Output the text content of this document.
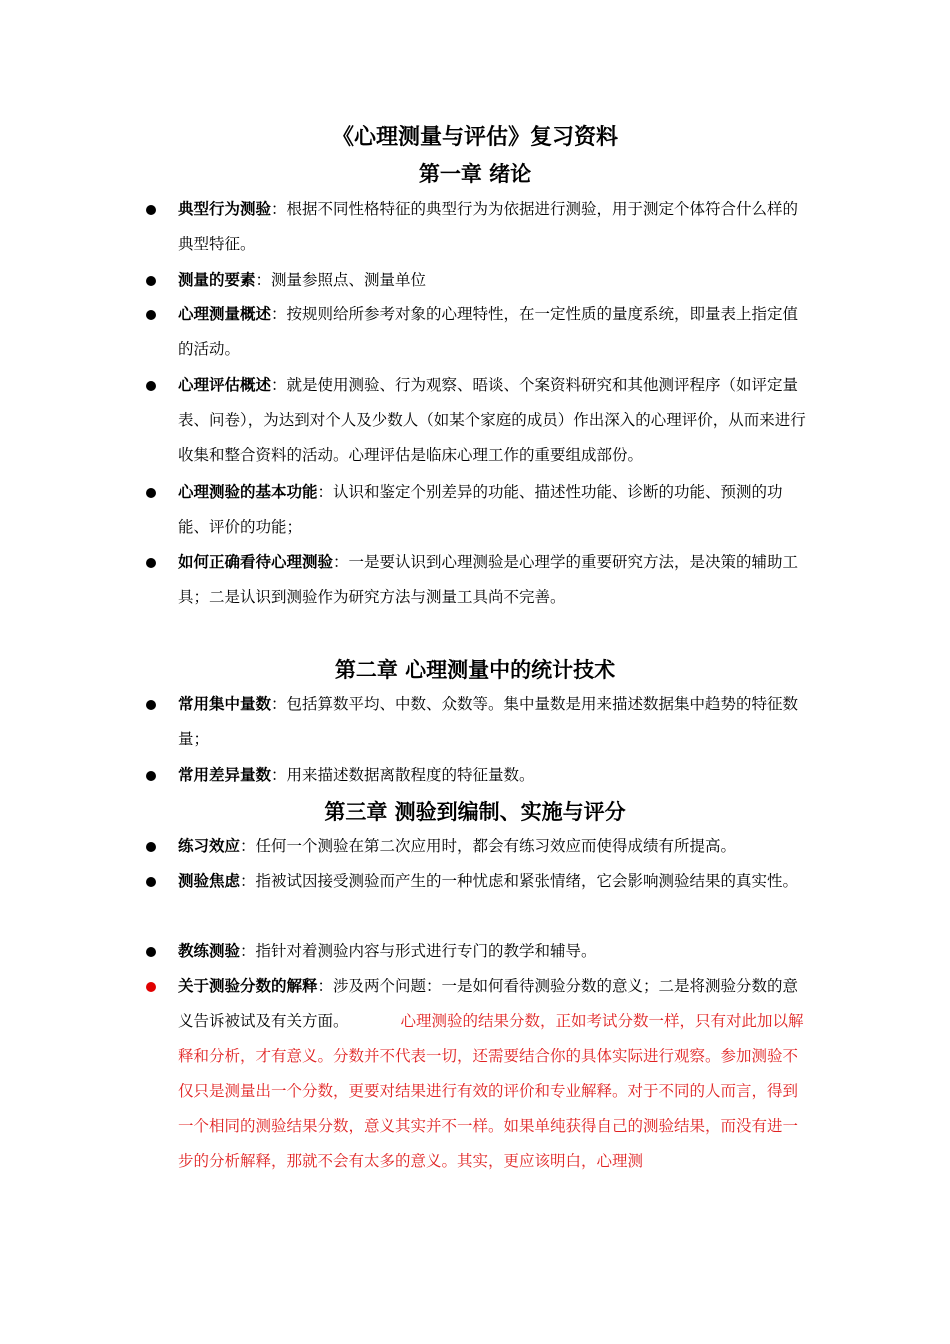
《心理测量与评估》复习资料
第一章 绪论
典型行为测验：根据不同性格特征的典型行为为依据进行测验，用于测定个体符合什么样的典型特征。
测量的要素：测量参照点、测量单位
心理测量概述：按规则给所参考对象的心理特性，在一定性质的量度系统，即量表上指定值的活动。
心理评估概述：就是使用测验、行为观察、晤谈、个案资料研究和其他测评程序（如评定量表、问卷），为达到对个人及少数人（如某个家庭的成员）作出深入的心理评价，从而来进行收集和整合资料的活动。心理评估是临床心理工作的重要组成部份。
心理测验的基本功能：认识和鉴定个别差异的功能、描述性功能、诊断的功能、预测的功能、评价的功能；
如何正确看待心理测验：一是要认识到心理测验是心理学的重要研究方法，是决策的辅助工具；二是认识到测验作为研究方法与测量工具尚不完善。
第二章 心理测量中的统计技术
常用集中量数：包括算数平均、中数、众数等。集中量数是用来描述数据集中趋势的特征数量；
常用差异量数：用来描述数据离散程度的特征量数。
第三章 测验到编制、实施与评分
练习效应：任何一个测验在第二次应用时，都会有练习效应而使得成绩有所提高。
测验焦虑：指被试因接受测验而产生的一种忧虑和紧张情绪，它会影响测验结果的真实性。
教练测验：指针对着测验内容与形式进行专门的教学和辅导。
关于测验分数的解释：涉及两个问题：一是如何看待测验分数的意义；二是将测验分数的意义告诉被试及有关方面。	心理测验的结果分数，正如考试分数一样，只有对此加以解释和分析，才有意义。分数并不代表一切，还需要结合你的具体实际进行观察。参加测验不仅只是测量出一个分数，更要对结果进行有效的评价和专业解释。对于不同的人而言，得到一个相同的测验结果分数，意义其实并不一样。如果单纯获得自己的测验结果，而没有进一步的分析解释，那就不会有太多的意义。其实，更应该明白，心理测
